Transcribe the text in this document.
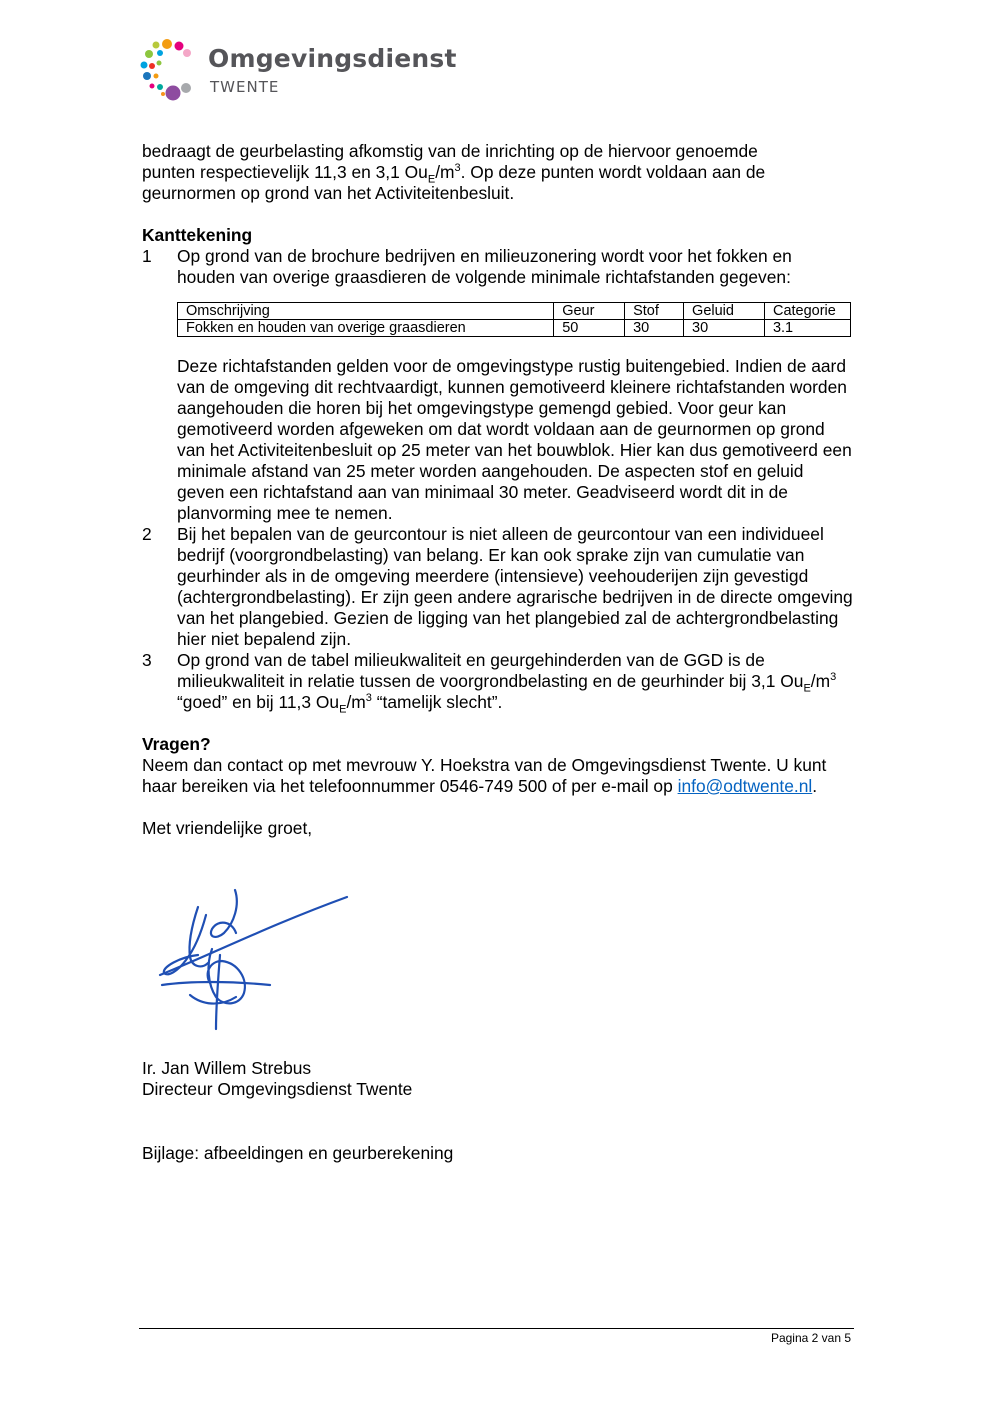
Omgevingsdienst
TWENTE

bedraagt de geurbelasting afkomstig van de inrichting op de hiervoor genoemde
punten respectievelijk 11,3 en 3,1 $Ou_E/m^3$. Op deze punten wordt voldaan aan de
geurnormen op grond van het Activiteitenbesluit.

Kanttekening

1	Op grond van de brochure bedrijven en milieuzonering wordt voor het fokken en houden van overige graasdieren de volgende minimale richtafstanden gegeven:
Omschrijving	Geur	Stof	Geluid	Categorie
Fokken en houden van overige graasdieren	50	30	30	3.1
Deze richtafstanden gelden voor de omgevingstype rustig buitengebied. Indien de aard van de omgeving dit rechtvaardigt, kunnen gemotiveerd kleinere richtafstanden worden aangehouden die horen bij het omgevingstype gemengd gebied. Voor geur kan gemotiveerd worden afgeweken om dat wordt voldaan aan de geurnormen op grond van het Activiteitenbesluit op 25 meter van het bouwblok. Hier kan dus gemotiveerd een minimale afstand van 25 meter worden aangehouden. De aspecten stof en geluid geven een richtafstand aan van minimaal 30 meter. Geadviseerd wordt dit in de planvorming mee te nemen.
2	Bij het bepalen van de geurcontour is niet alleen de geurcontour van een individueel bedrijf (voorgrondbelasting) van belang. Er kan ook sprake zijn van cumulatie van geurhinder als in de omgeving meerdere (intensieve) veehouderijen zijn gevestigd (achtergrondbelasting). Er zijn geen andere agrarische bedrijven in de directe omgeving van het plangebied. Gezien de ligging van het plangebied zal de achtergrondbelasting hier niet bepalend zijn.
3	Op grond van de tabel milieukwaliteit en geurgehinderden van de GGD is de milieukwaliteit in relatie tussen de voorgrondbelasting en de geurhinder bij 3,1 $Ou_E/m^3$ “goed” en bij 11,3 $Ou_E/m^3$ “tamelijk slecht”.

Vragen?

Neem dan contact op met mevrouw Y. Hoekstra van de Omgevingsdienst Twente. U kunt haar bereiken via het telefoonnummer 0546-749 500 of per e-mail op info@odtwente.nl.

Met vriendelijke groet,

Ir. Jan Willem Strebus

Directeur Omgevingsdienst Twente

Bijlage: afbeeldingen en geurberekening
Pagina 2 van 5
